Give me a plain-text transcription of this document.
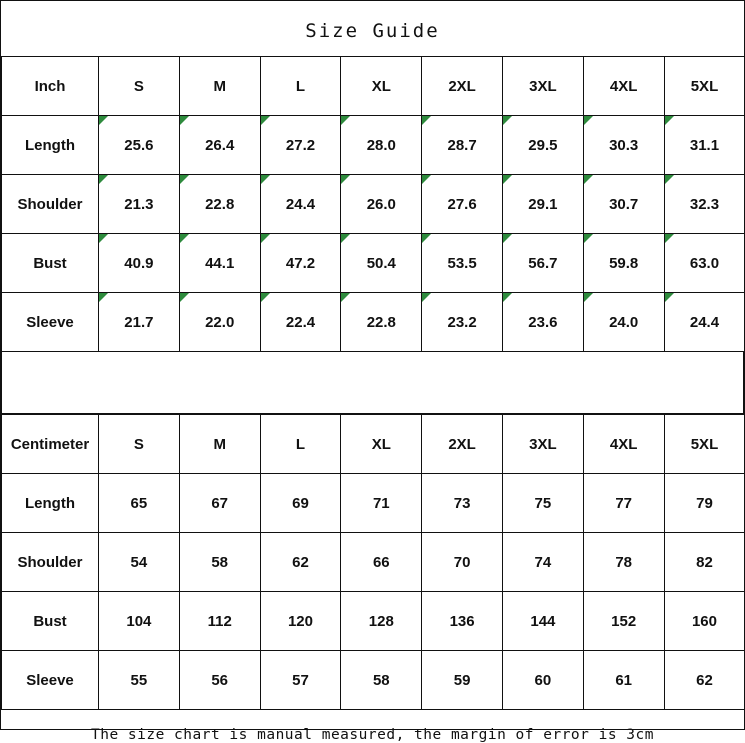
Size Guide
Inch	S	M	L	XL	2XL	3XL	4XL	5XL
Length	25.6	26.4	27.2	28.0	28.7	29.5	30.3	31.1
Shoulder	21.3	22.8	24.4	26.0	27.6	29.1	30.7	32.3
Bust	40.9	44.1	47.2	50.4	53.5	56.7	59.8	63.0
Sleeve	21.7	22.0	22.4	22.8	23.2	23.6	24.0	24.4
Centimeter	S	M	L	XL	2XL	3XL	4XL	5XL
Length	65	67	69	71	73	75	77	79
Shoulder	54	58	62	66	70	74	78	82
Bust	104	112	120	128	136	144	152	160
Sleeve	55	56	57	58	59	60	61	62
The size chart is manual measured, the margin of error is 3cm
